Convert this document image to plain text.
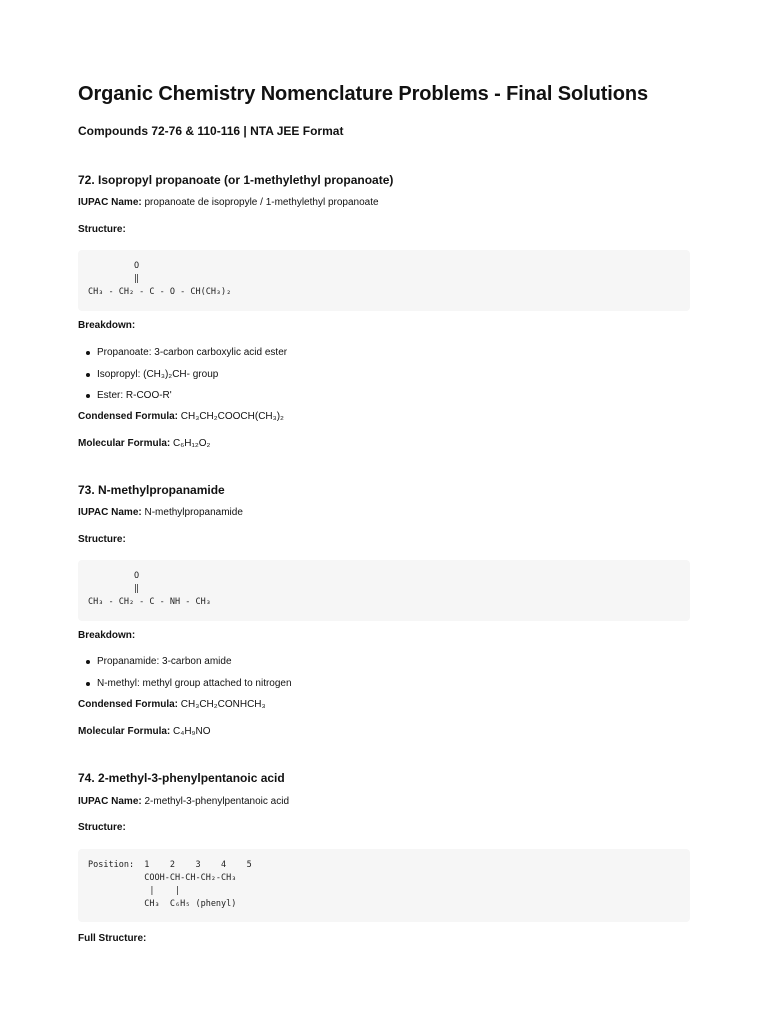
Organic Chemistry Nomenclature Problems - Final Solutions
Compounds 72-76 & 110-116 | NTA JEE Format
72. Isopropyl propanoate (or 1-methylethyl propanoate)
IUPAC Name: propanoate de isopropyle / 1-methylethyl propanoate
Structure:
O
‖
CH₃ - CH₂ - C - O - CH(CH₃)₂
Breakdown:
Propanoate: 3-carbon carboxylic acid ester
Isopropyl: (CH₃)₂CH- group
Ester: R-COO-R'
Condensed Formula: CH₃CH₂COOCH(CH₃)₂
Molecular Formula: C₆H₁₂O₂
73. N-methylpropanamide
IUPAC Name: N-methylpropanamide
Structure:
O
‖
CH₃ - CH₂ - C - NH - CH₃
Breakdown:
Propanamide: 3-carbon amide
N-methyl: methyl group attached to nitrogen
Condensed Formula: CH₃CH₂CONHCH₃
Molecular Formula: C₄H₉NO
74. 2-methyl-3-phenylpentanoic acid
IUPAC Name: 2-methyl-3-phenylpentanoic acid
Structure:
Position:  1    2    3    4    5
COOH-CH-CH-CH₂-CH₃
|    |
CH₃  C₆H₅ (phenyl)
Full Structure:
